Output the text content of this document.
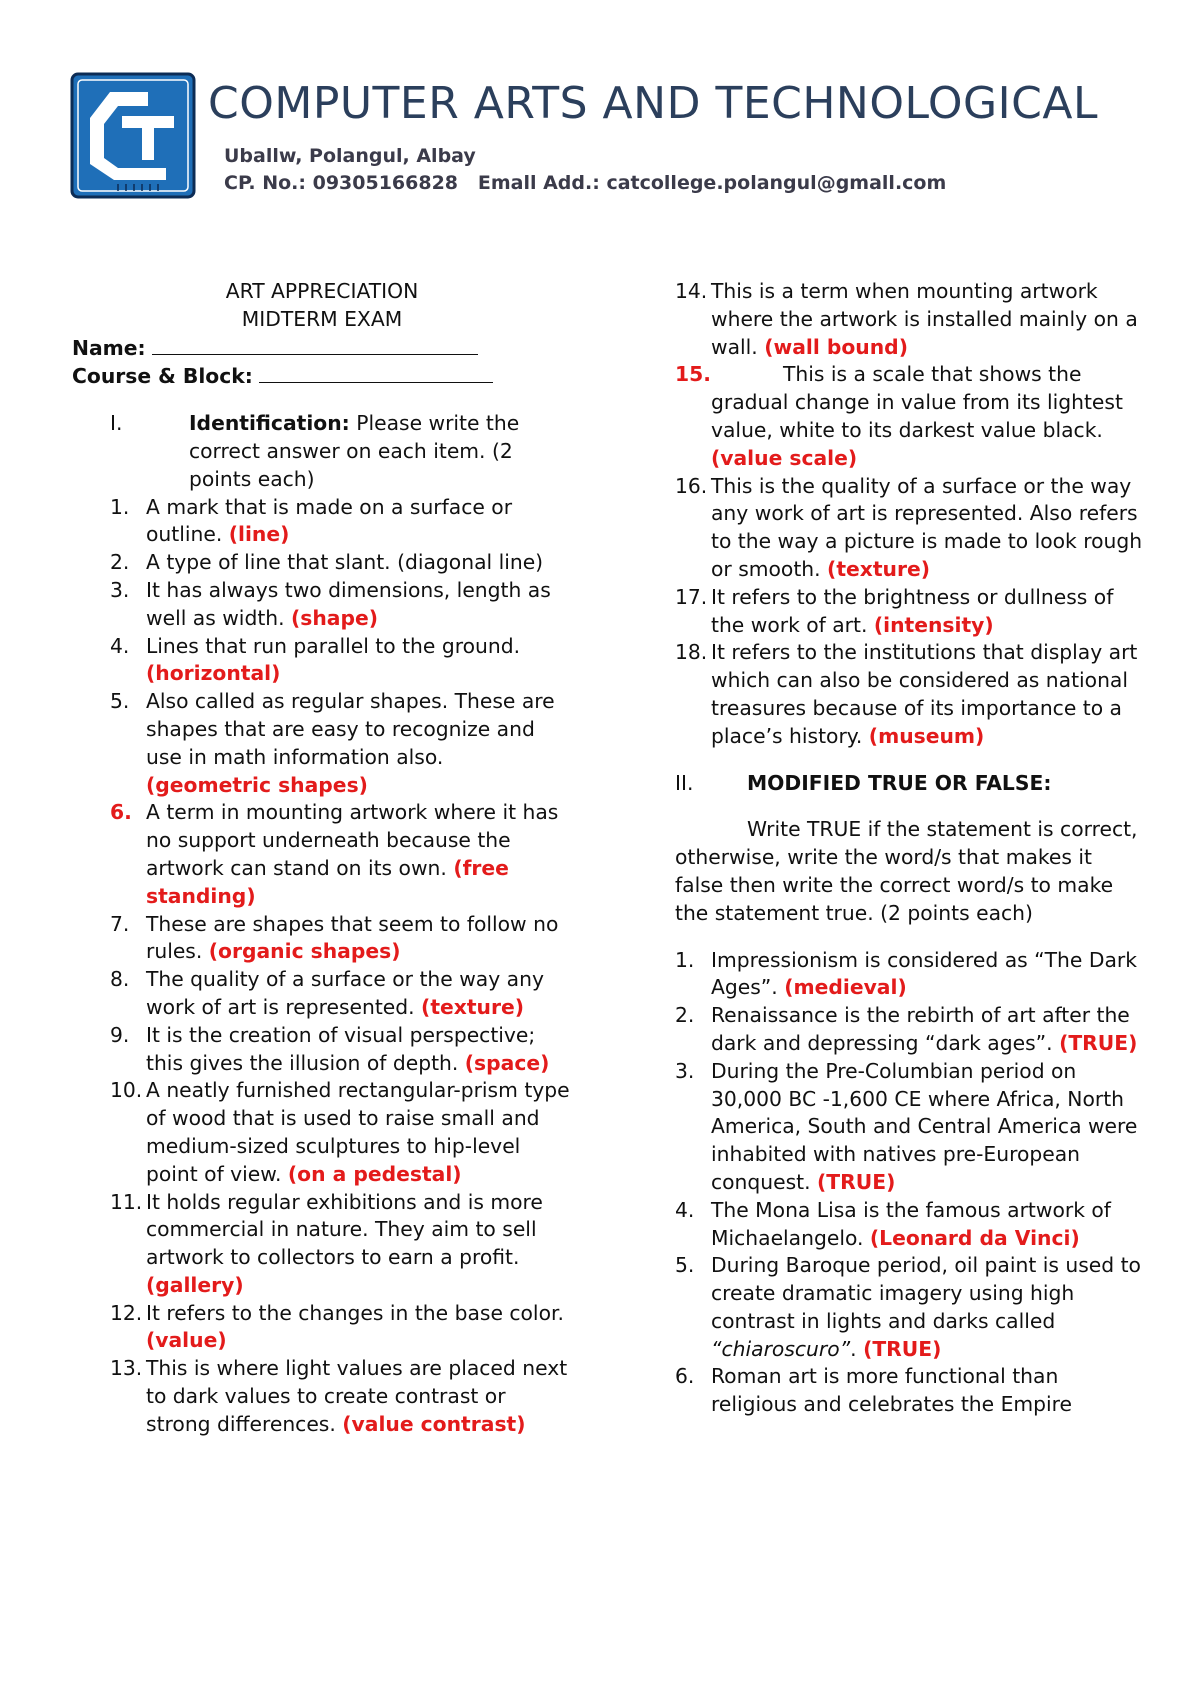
COMPUTER ARTS AND TECHNOLOGICAL
Uballw, Polangul, Albay
CP. No.: 09305166828   Emall Add.: catcollege.polangul@gmall.com
ART APPRECIATION
MIDTERM EXAM
Name:
Course & Block:
I.	Identification: Please write the correct answer on each item. (2 points each)
1. A mark that is made on a surface or outline. (line)
2. A type of line that slant. (diagonal line)
3. It has always two dimensions, length as well as width. (shape)
4. Lines that run parallel to the ground. (horizontal)
5. Also called as regular shapes. These are shapes that are easy to recognize and use in math information also. (geometric shapes)
6. A term in mounting artwork where it has no support underneath because the artwork can stand on its own. (free standing)
7. These are shapes that seem to follow no rules. (organic shapes)
8. The quality of a surface or the way any work of art is represented. (texture)
9. It is the creation of visual perspective; this gives the illusion of depth. (space)
10. A neatly furnished rectangular-prism type of wood that is used to raise small and medium-sized sculptures to hip-level point of view. (on a pedestal)
11. It holds regular exhibitions and is more commercial in nature. They aim to sell artwork to collectors to earn a profit. (gallery)
12. It refers to the changes in the base color. (value)
13. This is where light values are placed next to dark values to create contrast or strong differences. (value contrast)
14. This is a term when mounting artwork where the artwork is installed mainly on a wall. (wall bound)
15.	This is a scale that shows the gradual change in value from its lightest value, white to its darkest value black. (value scale)
16. This is the quality of a surface or the way any work of art is represented. Also refers to the way a picture is made to look rough or smooth. (texture)
17. It refers to the brightness or dullness of the work of art. (intensity)
18. It refers to the institutions that display art which can also be considered as national treasures because of its importance to a place’s history. (museum)
II.	MODIFIED TRUE OR FALSE:
Write TRUE if the statement is correct, otherwise, write the word/s that makes it false then write the correct word/s to make the statement true. (2 points each)
1. Impressionism is considered as “The Dark Ages”. (medieval)
2. Renaissance is the rebirth of art after the dark and depressing “dark ages”. (TRUE)
3. During the Pre-Columbian period on 30,000 BC -1,600 CE where Africa, North America, South and Central America were inhabited with natives pre-European conquest. (TRUE)
4. The Mona Lisa is the famous artwork of Michaelangelo. (Leonard da Vinci)
5. During Baroque period, oil paint is used to create dramatic imagery using high contrast in lights and darks called “chiaroscuro”. (TRUE)
6. Roman art is more functional than religious and celebrates the Empire
